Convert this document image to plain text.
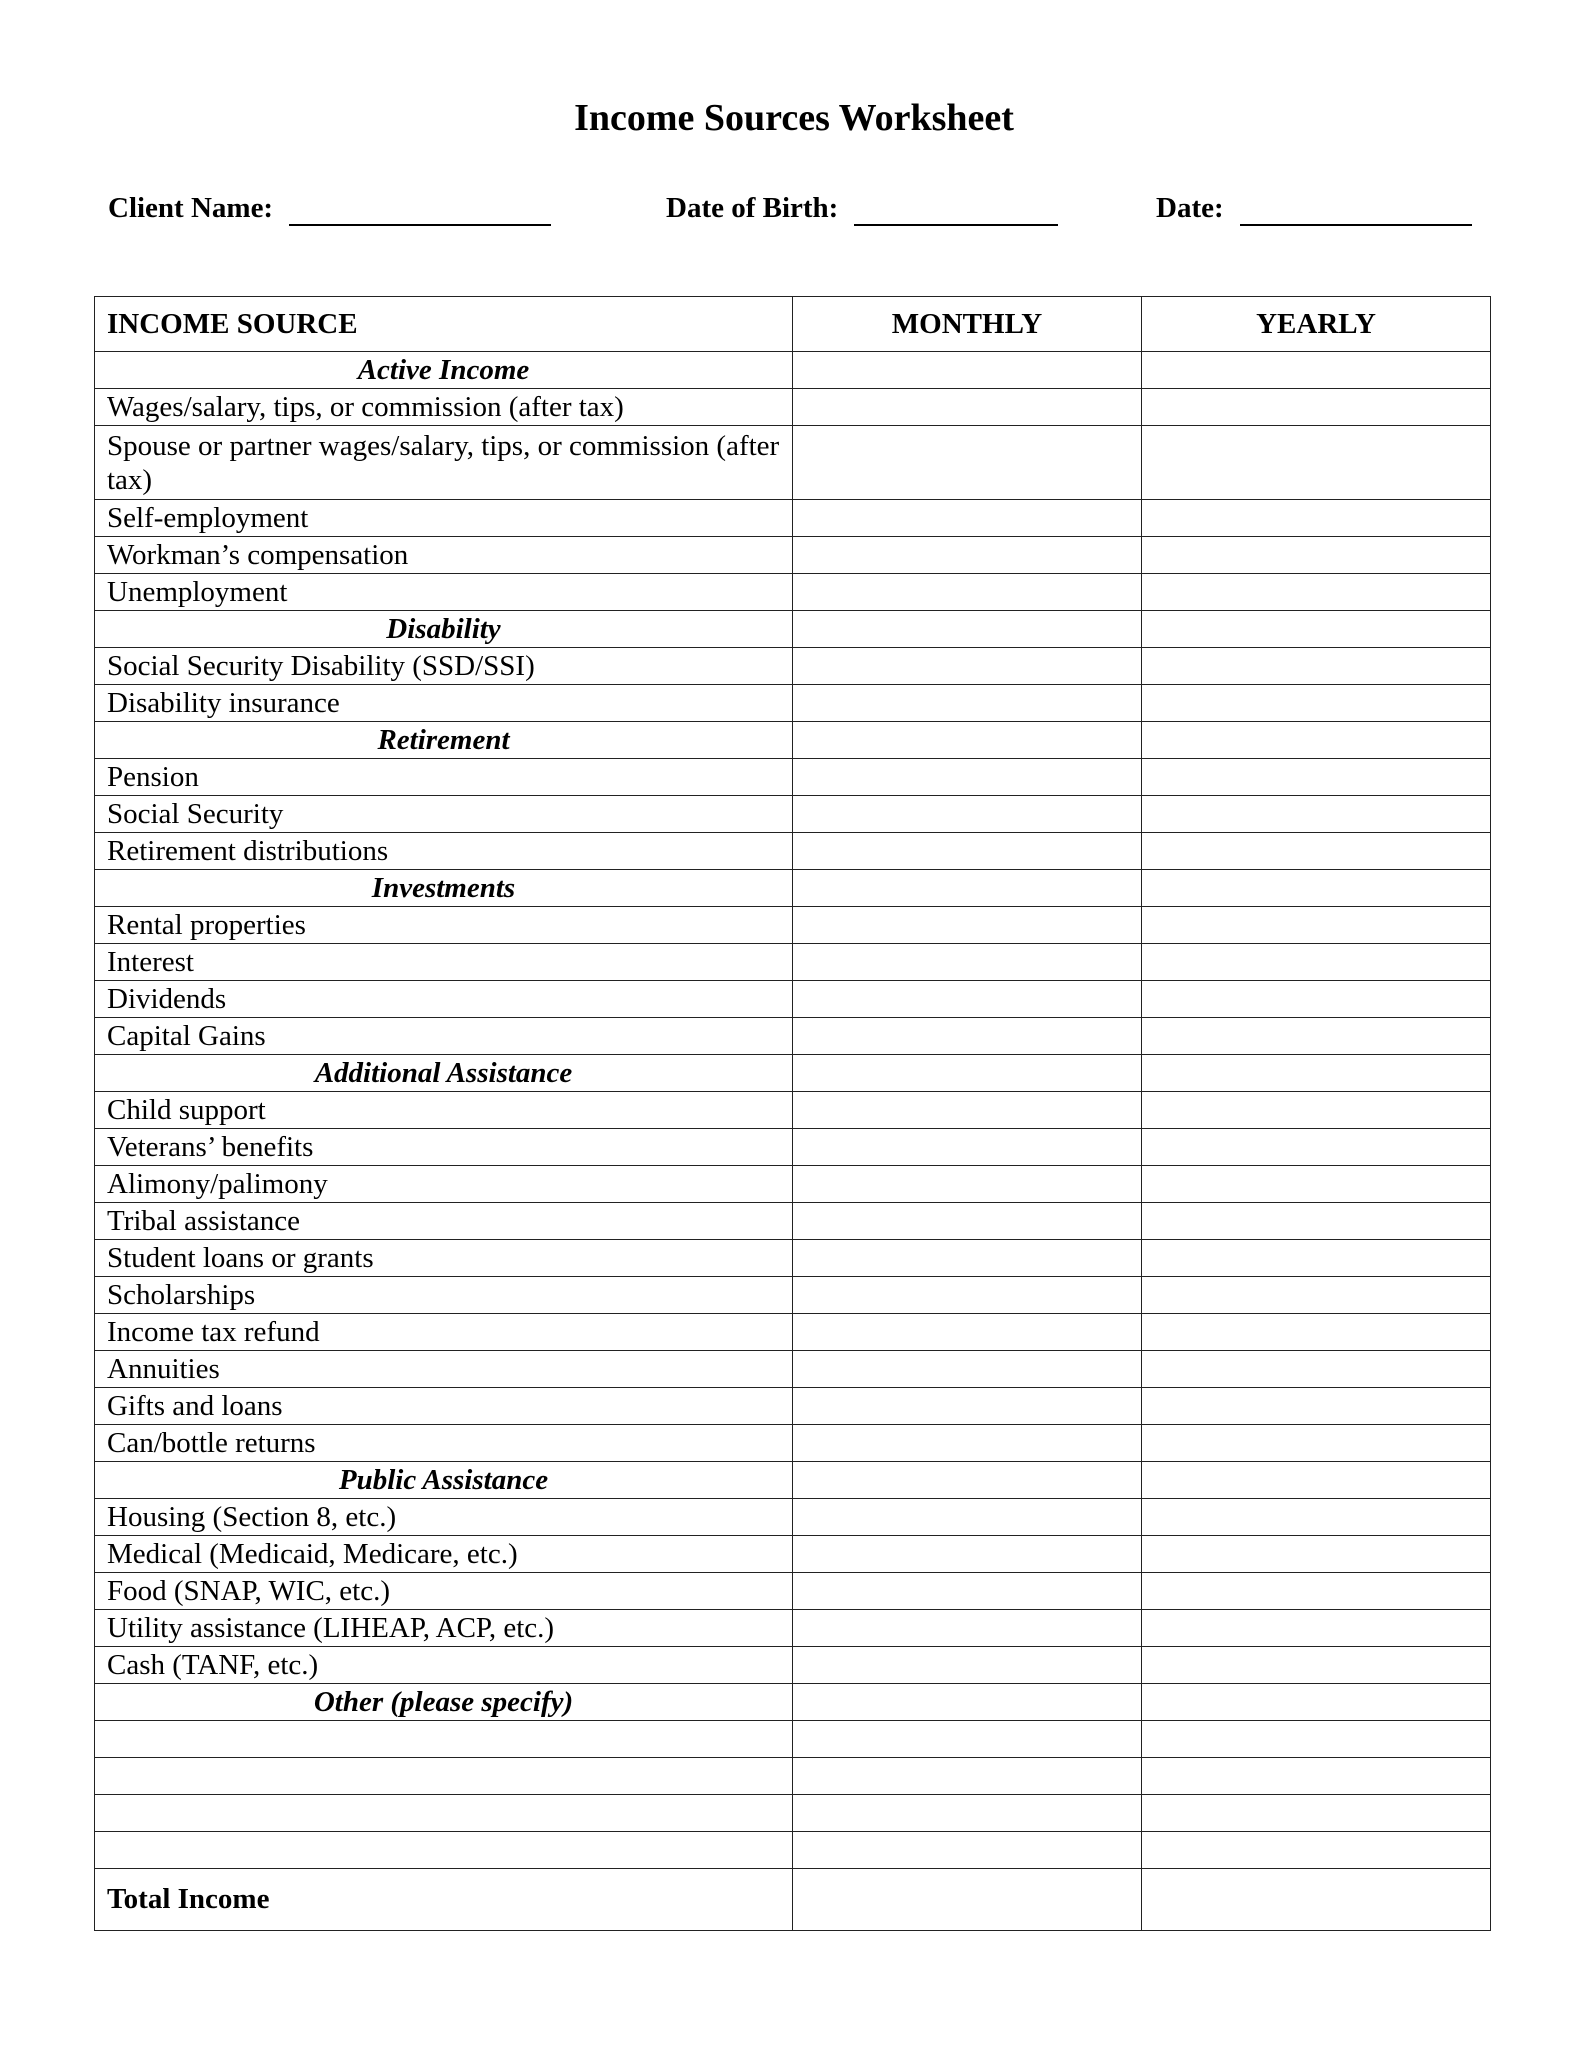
Income Sources Worksheet
Client Name:	Date of Birth:	Date:
INCOME SOURCE	MONTHLY	YEARLY
Active Income		
Wages/salary, tips, or commission (after tax)		
Spouse or partner wages/salary, tips, or commission (after tax)		
Self-employment		
Workman’s compensation		
Unemployment		
Disability		
Social Security Disability (SSD/SSI)		
Disability insurance		
Retirement		
Pension		
Social Security		
Retirement distributions		
Investments		
Rental properties		
Interest		
Dividends		
Capital Gains		
Additional Assistance		
Child support		
Veterans’ benefits		
Alimony/palimony		
Tribal assistance		
Student loans or grants		
Scholarships		
Income tax refund		
Annuities		
Gifts and loans		
Can/bottle returns		
Public Assistance		
Housing (Section 8, etc.)		
Medical (Medicaid, Medicare, etc.)		
Food (SNAP, WIC, etc.)		
Utility assistance (LIHEAP, ACP, etc.)		
Cash (TANF, etc.)		
Other (please specify)		

Total Income		
